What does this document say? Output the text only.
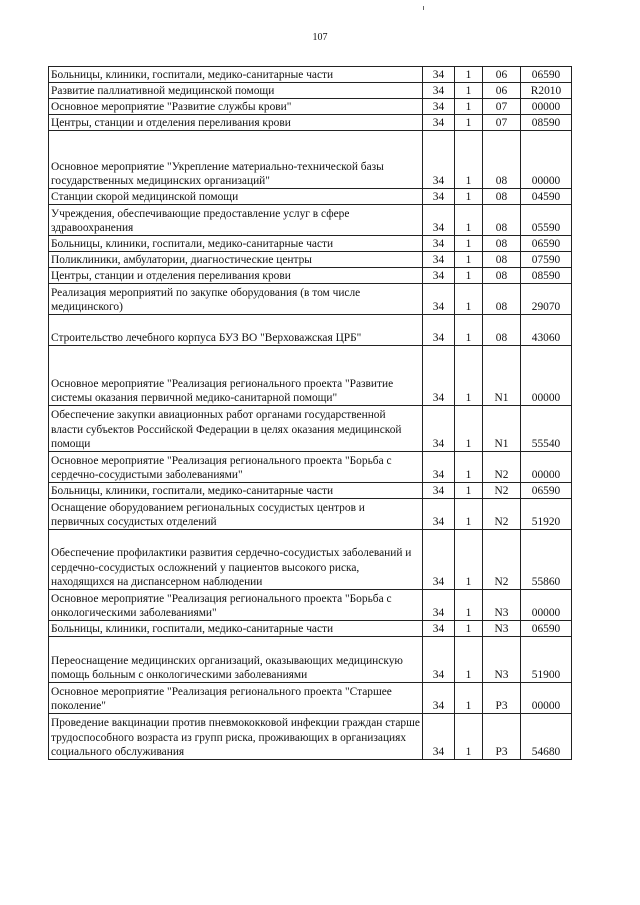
107
Больницы, клиники, госпитали, медико-санитарные части	34	1	06	06590
Развитие паллиативной медицинской помощи	34	1	06	R2010
Основное мероприятие "Развитие службы крови"	34	1	07	00000
Центры, станции и отделения переливания крови	34	1	07	08590
Основное мероприятие "Укрепление материально-технической базы государственных медицинских организаций"	34	1	08	00000
Станции скорой медицинской помощи	34	1	08	04590
Учреждения, обеспечивающие предоставление услуг в сфере здравоохранения	34	1	08	05590
Больницы, клиники, госпитали, медико-санитарные части	34	1	08	06590
Поликлиники, амбулатории, диагностические центры	34	1	08	07590
Центры, станции и отделения переливания крови	34	1	08	08590
Реализация мероприятий по закупке оборудования (в том числе медицинского)	34	1	08	29070
Строительство лечебного корпуса БУЗ ВО "Верховажская ЦРБ"	34	1	08	43060
Основное мероприятие "Реализация регионального проекта "Развитие системы оказания первичной медико-санитарной помощи"	34	1	N1	00000
Обеспечение закупки авиационных работ органами государственной власти субъектов Российской Федерации в целях оказания медицинской помощи	34	1	N1	55540
Основное мероприятие "Реализация регионального проекта "Борьба с сердечно-сосудистыми заболеваниями"	34	1	N2	00000
Больницы, клиники, госпитали, медико-санитарные части	34	1	N2	06590
Оснащение оборудованием региональных сосудистых центров и первичных сосудистых отделений	34	1	N2	51920
Обеспечение профилактики развития сердечно-сосудистых заболеваний и сердечно-сосудистых осложнений у пациентов высокого риска, находящихся на диспансерном наблюдении	34	1	N2	55860
Основное мероприятие "Реализация регионального проекта "Борьба с онкологическими заболеваниями"	34	1	N3	00000
Больницы, клиники, госпитали, медико-санитарные части	34	1	N3	06590
Переоснащение медицинских организаций, оказывающих медицинскую помощь больным с онкологическими заболеваниями	34	1	N3	51900
Основное мероприятие "Реализация регионального проекта "Старшее поколение"	34	1	P3	00000
Проведение вакцинации против пневмококковой инфекции граждан старше трудоспособного возраста из групп риска, проживающих в организациях социального обслуживания	34	1	P3	54680
